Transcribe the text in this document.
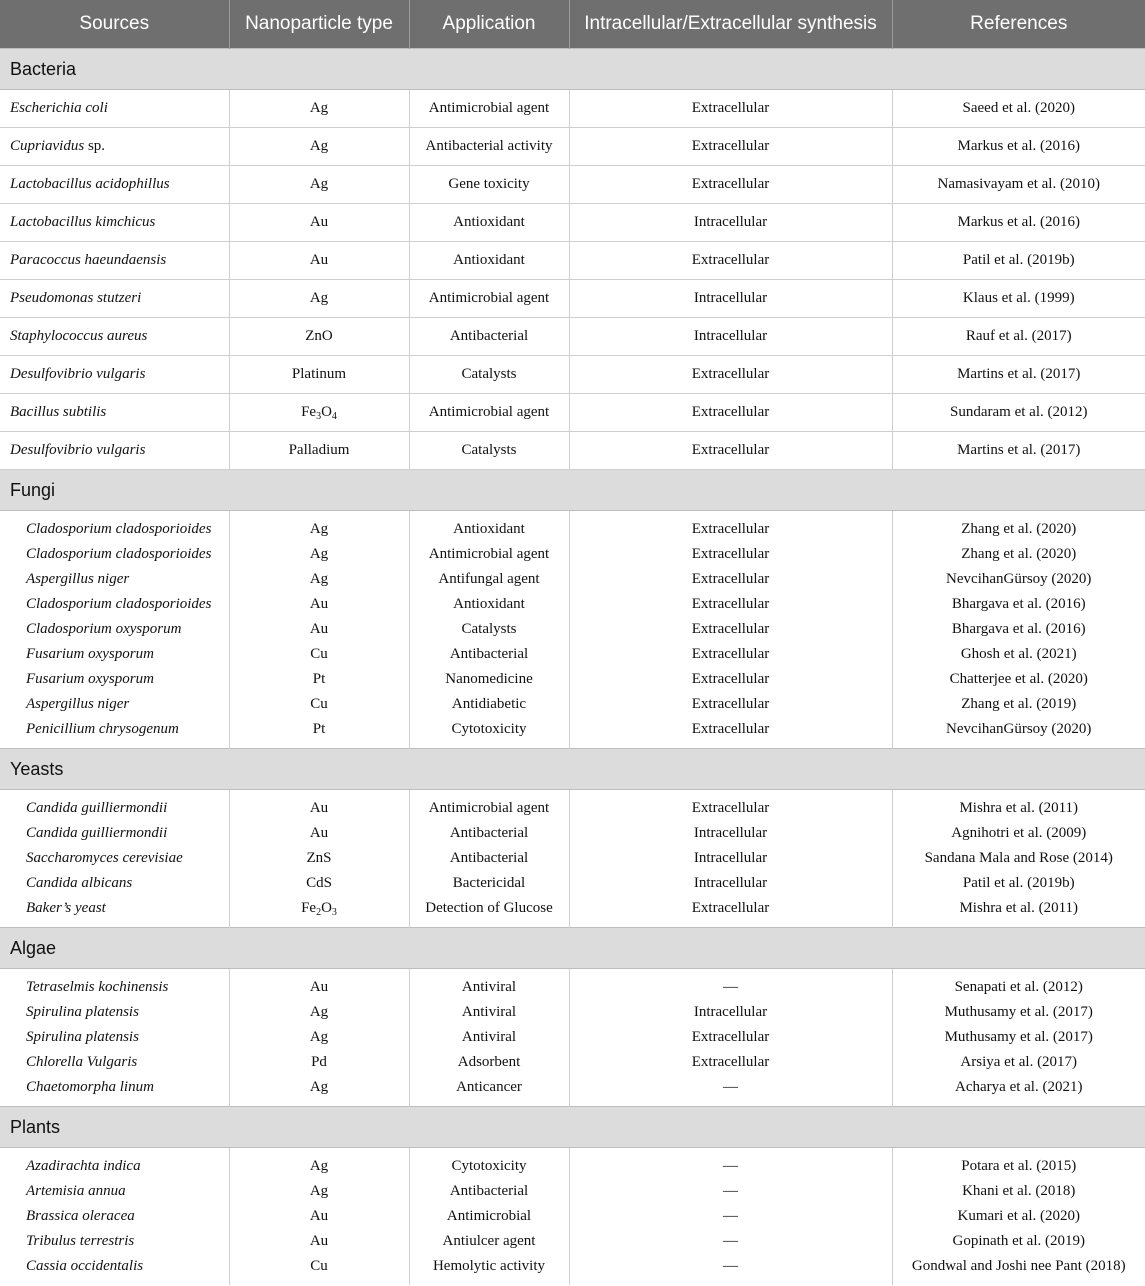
Sources	Nanoparticle type	Application	Intracellular/Extracellular synthesis	References
Bacteria				
Escherichia coli	Ag	Antimicrobial agent	Extracellular	Saeed et al. (2020)
Cupriavidus sp.	Ag	Antibacterial activity	Extracellular	Markus et al. (2016)
Lactobacillus acidophillus	Ag	Gene toxicity	Extracellular	Namasivayam et al. (2010)
Lactobacillus kimchicus	Au	Antioxidant	Intracellular	Markus et al. (2016)
Paracoccus haeundaensis	Au	Antioxidant	Extracellular	Patil et al. (2019b)
Pseudomonas stutzeri	Ag	Antimicrobial agent	Intracellular	Klaus et al. (1999)
Staphylococcus aureus	ZnO	Antibacterial	Intracellular	Rauf et al. (2017)
Desulfovibrio vulgaris	Platinum	Catalysts	Extracellular	Martins et al. (2017)
Bacillus subtilis	$Fe_3O_4$	Antimicrobial agent	Extracellular	Sundaram et al. (2012)
Desulfovibrio vulgaris	Palladium	Catalysts	Extracellular	Martins et al. (2017)
Fungi				

Cladosporium cladosporioides	Ag	Antioxidant	Extracellular	Zhang et al. (2020)
Cladosporium cladosporioides	Ag	Antimicrobial agent	Extracellular	Zhang et al. (2020)
Aspergillus niger	Ag	Antifungal agent	Extracellular	NevcihanGürsoy (2020)
Cladosporium cladosporioides	Au	Antioxidant	Extracellular	Bhargava et al. (2016)
Cladosporium oxysporum	Au	Catalysts	Extracellular	Bhargava et al. (2016)
Fusarium oxysporum	Cu	Antibacterial	Extracellular	Ghosh et al. (2021)
Fusarium oxysporum	Pt	Nanomedicine	Extracellular	Chatterjee et al. (2020)
Aspergillus niger	Cu	Antidiabetic	Extracellular	Zhang et al. (2019)
Penicillium chrysogenum	Pt	Cytotoxicity	Extracellular	NevcihanGürsoy (2020)

Yeasts				

Candida guilliermondii	Au	Antimicrobial agent	Extracellular	Mishra et al. (2011)
Candida guilliermondii	Au	Antibacterial	Intracellular	Agnihotri et al. (2009)
Saccharomyces cerevisiae	ZnS	Antibacterial	Intracellular	Sandana Mala and Rose (2014)
Candida albicans	CdS	Bactericidal	Intracellular	Patil et al. (2019b)
Baker’s yeast	$Fe_2O_3$	Detection of Glucose	Extracellular	Mishra et al. (2011)

Algae				

Tetraselmis kochinensis	Au	Antiviral	—	Senapati et al. (2012)
Spirulina platensis	Ag	Antiviral	Intracellular	Muthusamy et al. (2017)
Spirulina platensis	Ag	Antiviral	Extracellular	Muthusamy et al. (2017)
Chlorella Vulgaris	Pd	Adsorbent	Extracellular	Arsiya et al. (2017)
Chaetomorpha linum	Ag	Anticancer	—	Acharya et al. (2021)

Plants				

Azadirachta indica	Ag	Cytotoxicity	—	Potara et al. (2015)
Artemisia annua	Ag	Antibacterial	—	Khani et al. (2018)
Brassica oleracea	Au	Antimicrobial	—	Kumari et al. (2020)
Tribulus terrestris	Au	Antiulcer agent	—	Gopinath et al. (2019)
Cassia occidentalis	Cu	Hemolytic activity	—	Gondwal and Joshi nee Pant (2018)
